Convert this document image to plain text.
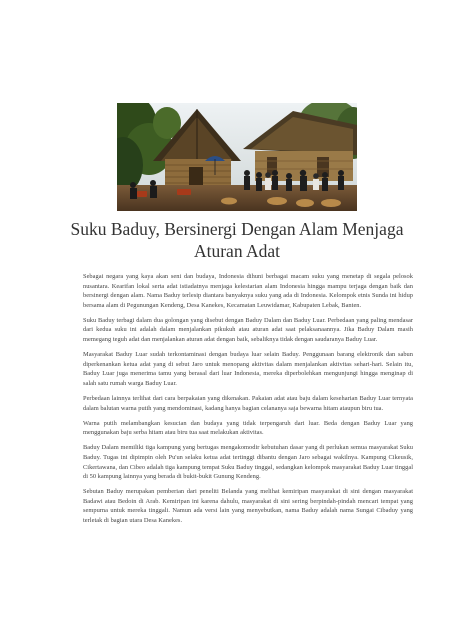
Suku Baduy, Bersinergi Dengan Alam Menjaga
Aturan Adat

Sebagai negara yang kaya akan seni dan budaya, Indonesia dihuni berbagai macam suku yang menetap di segala pelosok nusantara. Kearifan lokal serta adat istiadatnya menjaga kelestarian alam Indonesia hingga mampu terjaga dengan baik dan bersinergi dengan alam. Nama Baduy terlesip diantara banyaknya suku yang ada di Indonesia. Kelompok etnis Sunda ini hidup bersama alam di Pegunungan Kendeng, Desa Kanekes, Kecamatan Leuwidamar, Kabupaten Lebak, Banten.

Suku Baduy terbagi dalam dua golongan yang disebut dengan Baduy Dalam dan Baduy Luar. Perbedaan yang paling mendasar dari kedua suku ini adalah dalam menjalankan pikukuh atau aturan adat saat pelaksanaannya. Jika Baduy Dalam masih memegang teguh adat dan menjalankan aturan adat dengan baik, sebaliknya tidak dengan saudaranya Baduy Luar.

Masyarakat Baduy Luar sudah terkontaminasi dengan budaya luar selain Baduy. Penggunaan barang elektronik dan sabun diperkenankan ketua adat yang di sebut Jaro untuk menopang aktivitas dalam menjalankan aktivitas sehari-hari. Selain itu, Baduy Luar juga menerima tamu yang berasal dari luar Indonesia, mereka diperbolehkan mengunjungi hingga menginap di salah satu rumah warga Baduy Luar.

Perbedaan lainnya terlihat dari cara berpakaian yang dikenakan. Pakaian adat atau baju dalam keseharian Baduy Luar ternyata dalam balutan warna putih yang mendominasi, kadang hanya bagian celananya saja bewarna hitam ataupun biru tua.

Warna putih melambangkan kesucian dan budaya yang tidak terpengaruh dari luar. Beda dengan Baduy Luar yang menggunakan baju serba hitam atau biru tua saat melakukan aktivitas.

Baduy Dalam memiliki tiga kampung yang bertugas mengakomodir kebutuhan dasar yang di perlukan semua masyarakat Suku Baduy. Tugas ini dipimpin oleh Pu'un selaku ketua adat tertinggi dibantu dengan Jaro sebagai wakilnya. Kampung Cikeusik, Cikertawana, dan Cibeo adalah tiga kampung tempat Suku Baduy tinggal, sedangkan kelompok masyarakat Baduy Luar tinggal di 50 kampung lainnya yang berada di bukit-bukit Gunung Kendeng.

Sebutan Baduy merupakan pemberian dari peneliti Belanda yang melihat kemiripan masyarakat di sini dengan masyarakat Badawi atau Bedoin di Arab. Kemiripan ini karena dahulu, masyarakat di sini sering berpindah-pindah mencari tempat yang sempurna untuk mereka tinggali. Namun ada versi lain yang menyebutkan, nama Baduy adalah nama Sungai Cibaduy yang terletak di bagian utara Desa Kanekes.
